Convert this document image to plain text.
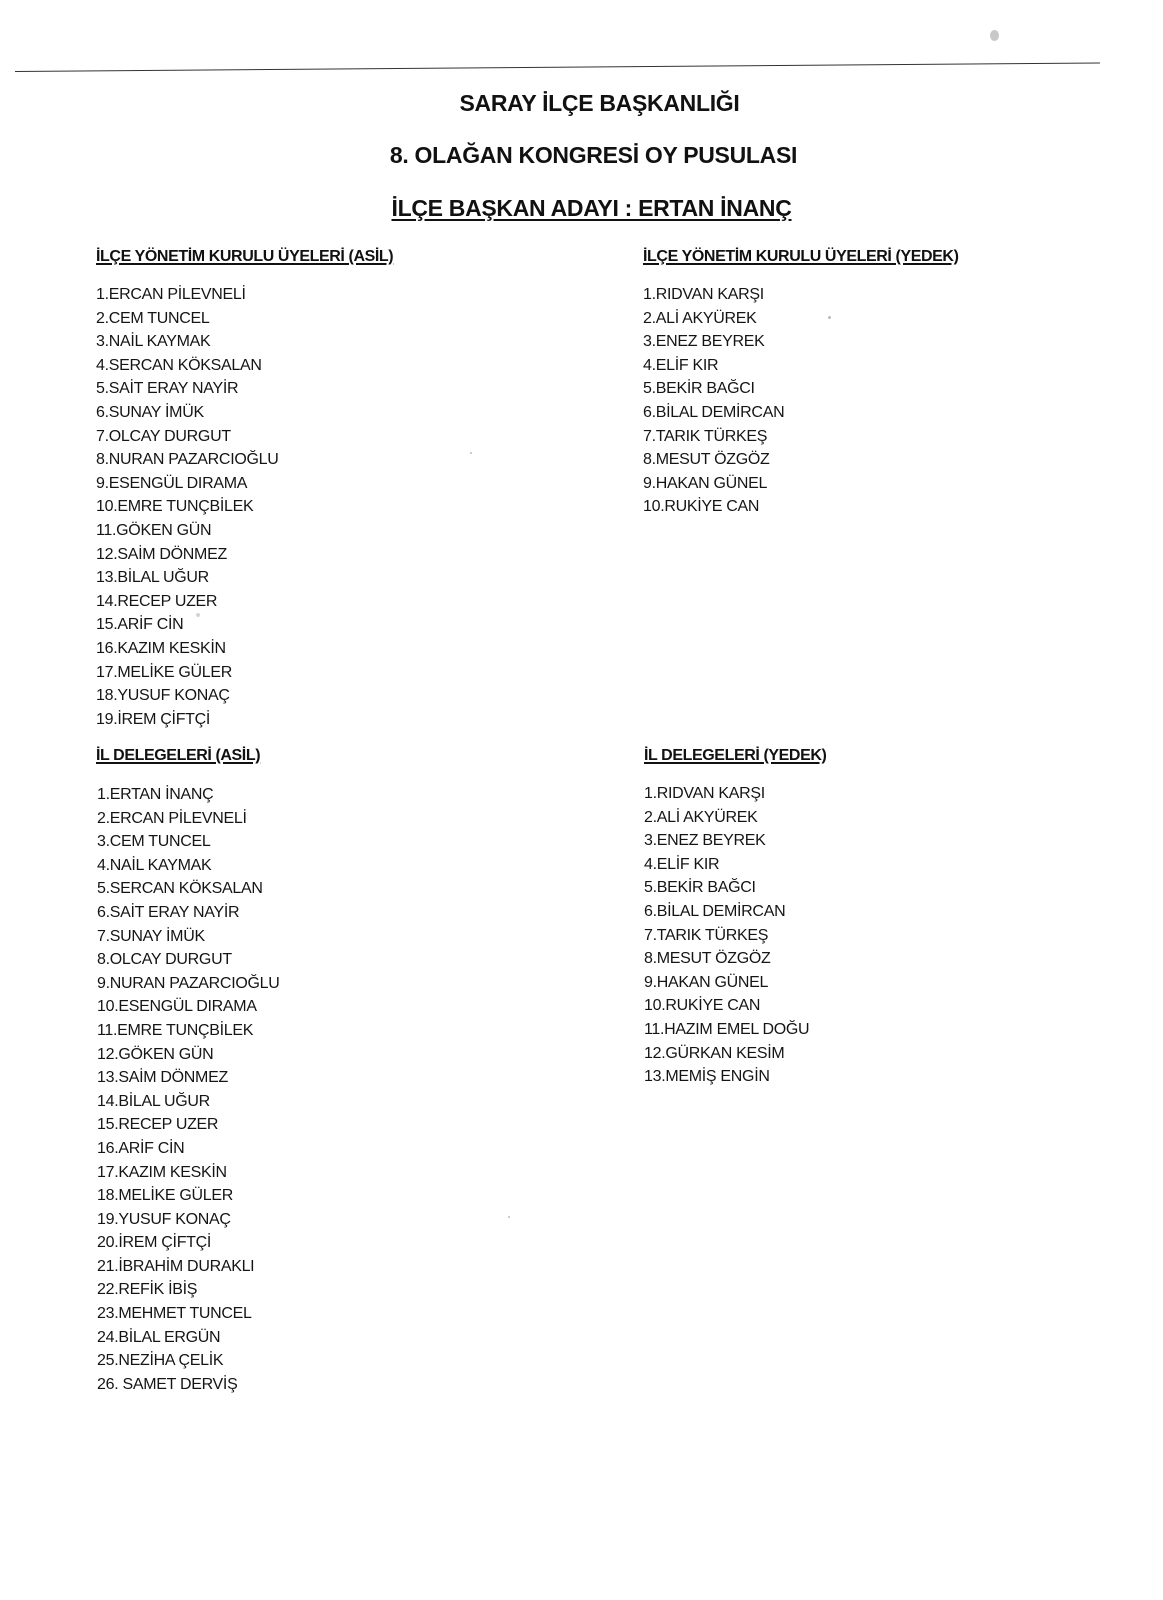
SARAY İLÇE BAŞKANLIĞI
8. OLAĞAN KONGRESİ OY PUSULASI
İLÇE BAŞKAN ADAYI : ERTAN İNANÇ
İLÇE YÖNETİM KURULU ÜYELERİ (ASİL)
1.ERCAN PİLEVNELİ
2.CEM TUNCEL
3.NAİL KAYMAK
4.SERCAN KÖKSALAN
5.SAİT ERAY NAYİR
6.SUNAY İMÜK
7.OLCAY DURGUT
8.NURAN PAZARCIOĞLU
9.ESENGÜL DIRAMA
10.EMRE TUNÇBİLEK
11.GÖKEN GÜN
12.SAİM DÖNMEZ
13.BİLAL UĞUR
14.RECEP UZER
15.ARİF CİN
16.KAZIM KESKİN
17.MELİKE GÜLER
18.YUSUF KONAÇ
19.İREM ÇİFTÇİ
İLÇE YÖNETİM KURULU ÜYELERİ (YEDEK)
1.RIDVAN KARŞI
2.ALİ AKYÜREK
3.ENEZ BEYREK
4.ELİF KIR
5.BEKİR BAĞCI
6.BİLAL DEMİRCAN
7.TARIK TÜRKEŞ
8.MESUT ÖZGÖZ
9.HAKAN GÜNEL
10.RUKİYE CAN
İL DELEGELERİ (ASİL)
1.ERTAN İNANÇ
2.ERCAN PİLEVNELİ
3.CEM TUNCEL
4.NAİL KAYMAK
5.SERCAN KÖKSALAN
6.SAİT ERAY NAYİR
7.SUNAY İMÜK
8.OLCAY DURGUT
9.NURAN PAZARCIOĞLU
10.ESENGÜL DIRAMA
11.EMRE TUNÇBİLEK
12.GÖKEN GÜN
13.SAİM DÖNMEZ
14.BİLAL UĞUR
15.RECEP UZER
16.ARİF CİN
17.KAZIM KESKİN
18.MELİKE GÜLER
19.YUSUF KONAÇ
20.İREM ÇİFTÇİ
21.İBRAHİM DURAKLI
22.REFİK İBİŞ
23.MEHMET TUNCEL
24.BİLAL ERGÜN
25.NEZİHA ÇELİK
26. SAMET DERVİŞ
İL DELEGELERİ (YEDEK)
1.RIDVAN KARŞI
2.ALİ AKYÜREK
3.ENEZ BEYREK
4.ELİF KIR
5.BEKİR BAĞCI
6.BİLAL DEMİRCAN
7.TARIK TÜRKEŞ
8.MESUT ÖZGÖZ
9.HAKAN GÜNEL
10.RUKİYE CAN
11.HAZIM EMEL DOĞU
12.GÜRKAN KESİM
13.MEMİŞ ENGİN
